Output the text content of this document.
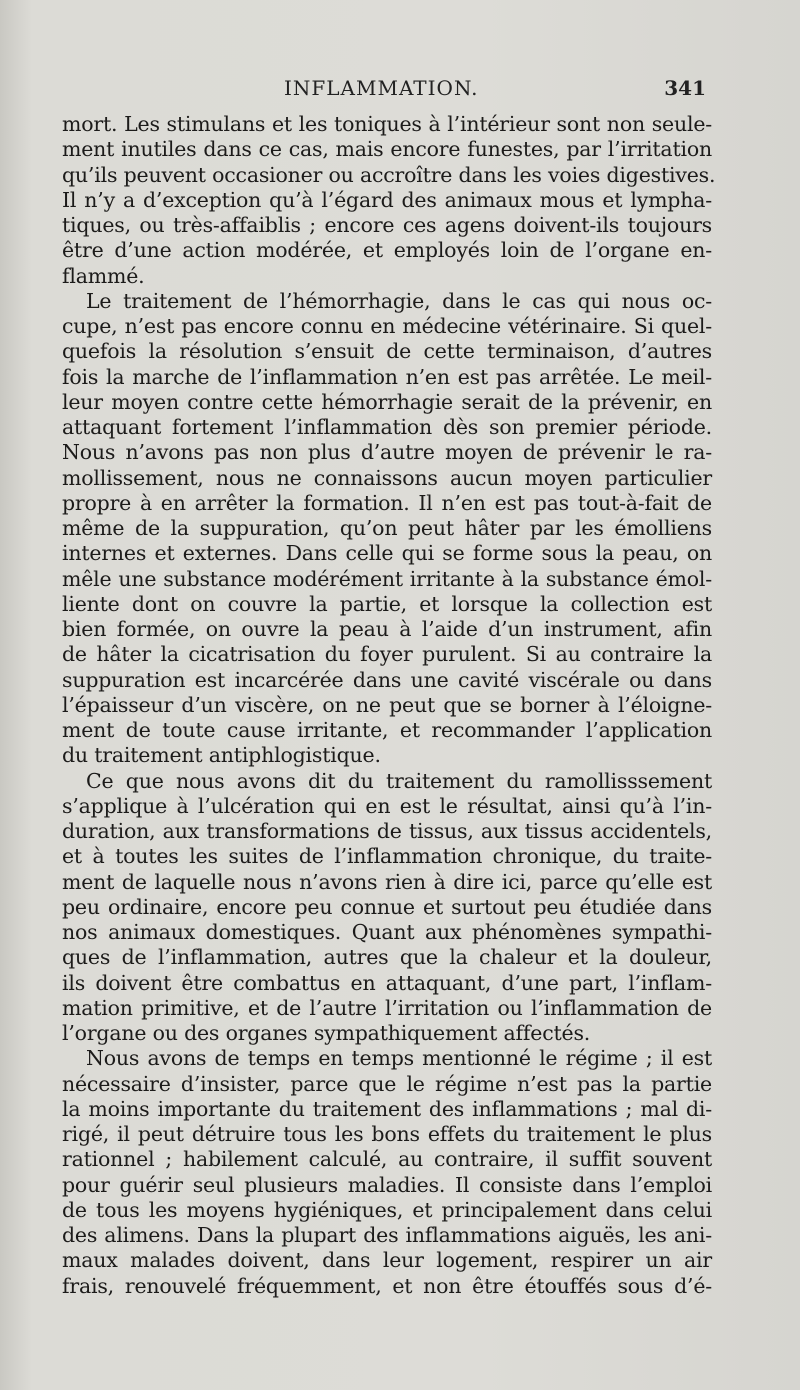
INFLAMMATION.	341
mort. Les stimulans et les toniques à l’intérieur sont non seule-
ment inutiles dans ce cas, mais encore funestes, par l’irritation
qu’ils peuvent occasioner ou accroître dans les voies digestives.
Il n’y a d’exception qu’à l’égard des animaux mous et lympha-
tiques, ou très-affaiblis ; encore ces agens doivent-ils toujours
être d’une action modérée, et employés loin de l’organe en-
flammé.
Le traitement de l’hémorrhagie, dans le cas qui nous oc-
cupe, n’est pas encore connu en médecine vétérinaire. Si quel-
quefois la résolution s’ensuit de cette terminaison, d’autres
fois la marche de l’inflammation n’en est pas arrêtée. Le meil-
leur moyen contre cette hémorrhagie serait de la prévenir, en
attaquant fortement l’inflammation dès son premier période.
Nous n’avons pas non plus d’autre moyen de prévenir le ra-
mollissement, nous ne connaissons aucun moyen particulier
propre à en arrêter la formation. Il n’en est pas tout-à-fait de
même de la suppuration, qu’on peut hâter par les émolliens
internes et externes. Dans celle qui se forme sous la peau, on
mêle une substance modérément irritante à la substance émol-
liente dont on couvre la partie, et lorsque la collection est
bien formée, on ouvre la peau à l’aide d’un instrument, afin
de hâter la cicatrisation du foyer purulent. Si au contraire la
suppuration est incarcérée dans une cavité viscérale ou dans
l’épaisseur d’un viscère, on ne peut que se borner à l’éloigne-
ment de toute cause irritante, et recommander l’application
du traitement antiphlogistique.
Ce que nous avons dit du traitement du ramollisssement
s’applique à l’ulcération qui en est le résultat, ainsi qu’à l’in-
duration, aux transformations de tissus, aux tissus accidentels,
et à toutes les suites de l’inflammation chronique, du traite-
ment de laquelle nous n’avons rien à dire ici, parce qu’elle est
peu ordinaire, encore peu connue et surtout peu étudiée dans
nos animaux domestiques. Quant aux phénomènes sympathi-
ques de l’inflammation, autres que la chaleur et la douleur,
ils doivent être combattus en attaquant, d’une part, l’inflam-
mation primitive, et de l’autre l’irritation ou l’inflammation de
l’organe ou des organes sympathiquement affectés.
Nous avons de temps en temps mentionné le régime ; il est
nécessaire d’insister, parce que le régime n’est pas la partie
la moins importante du traitement des inflammations ; mal di-
rigé, il peut détruire tous les bons effets du traitement le plus
rationnel ; habilement calculé, au contraire, il suffit souvent
pour guérir seul plusieurs maladies. Il consiste dans l’emploi
de tous les moyens hygiéniques, et principalement dans celui
des alimens. Dans la plupart des inflammations aiguës, les ani-
maux malades doivent, dans leur logement, respirer un air
frais, renouvelé fréquemment, et non être étouffés sous d’é-
